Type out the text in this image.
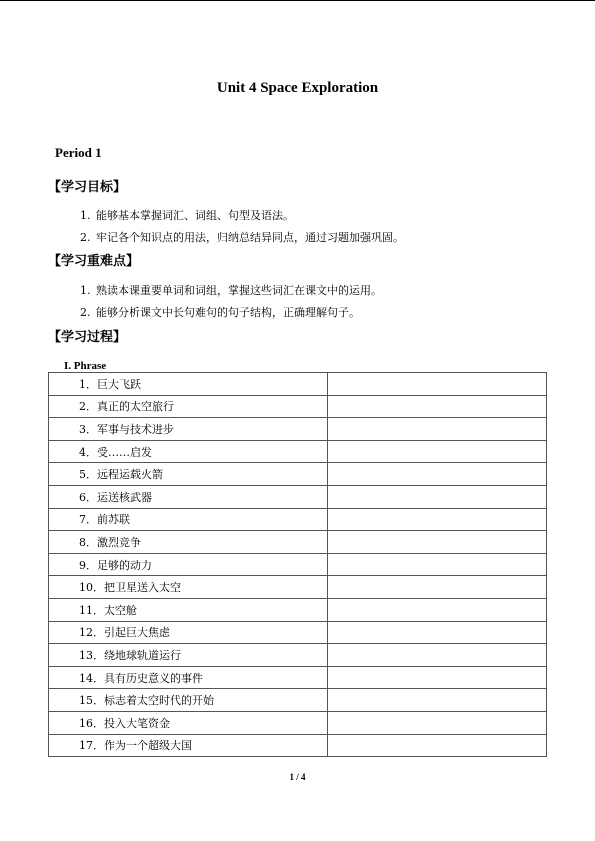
Unit 4 Space Exploration
Period 1
【学习目标】
1. 能够基本掌握词汇、词组、句型及语法。
2. 牢记各个知识点的用法，归纳总结异同点，通过习题加强巩固。
【学习重难点】
1. 熟读本课重要单词和词组，掌握这些词汇在课文中的运用。
2. 能够分析课文中长句难句的句子结构，正确理解句子。
【学习过程】
I. Phrase
1．巨大飞跃	
2．真正的太空旅行	
3．军事与技术进步	
4．受……启发	
5．远程运载火箭	
6．运送核武器	
7．前苏联	
8．激烈竞争	
9．足够的动力	
10．把卫星送入太空	
11．太空舱	
12．引起巨大焦虑	
13．绕地球轨道运行	
14．具有历史意义的事件	
15．标志着太空时代的开始	
16．投入大笔资金	
17．作为一个超级大国	
1 / 4
